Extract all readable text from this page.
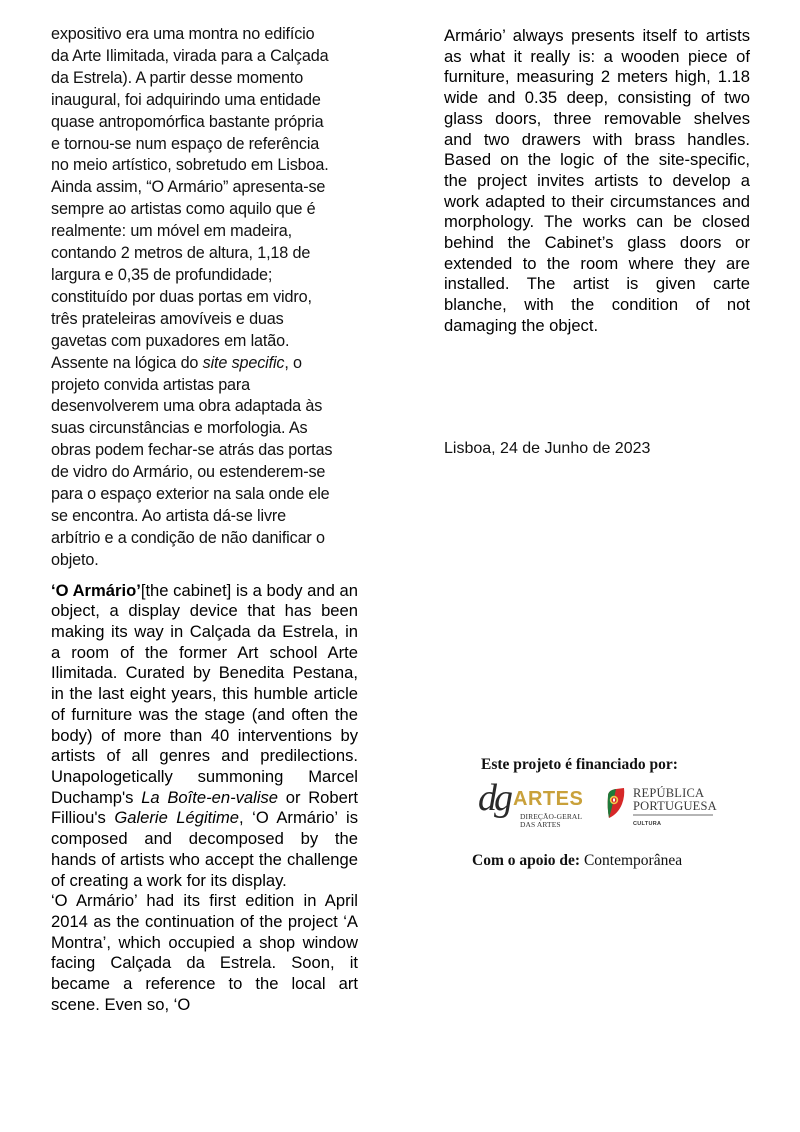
expositivo era uma montra no edifício
da Arte Ilimitada, virada para a Calçada
da Estrela). A partir desse momento
inaugural, foi adquirindo uma entidade
quase antropomórfica bastante própria
e tornou-se num espaço de referência
no meio artístico, sobretudo em Lisboa.
Ainda assim, “O Armário” apresenta-se
sempre ao artistas como aquilo que é
realmente: um móvel em madeira,
contando 2 metros de altura, 1,18 de
largura e 0,35 de profundidade;
constituído por duas portas em vidro,
três prateleiras amovíveis e duas
gavetas com puxadores em latão.
Assente na lógica do site specific, o
projeto convida artistas para
desenvolverem uma obra adaptada às
suas circunstâncias e morfologia. As
obras podem fechar-se atrás das portas
de vidro do Armário, ou estenderem-se
para o espaço exterior na sala onde ele
se encontra. Ao artista dá-se livre
arbítrio e a condição de não danificar o
objeto.

‘O Armário’[the cabinet] is a body and an object, a display device that has been making its way in Calçada da Estrela, in a room of the former Art school Arte Ilimitada. Curated by Benedita Pestana, in the last eight years, this humble article of furniture was the stage (and often the body) of more than 40 interventions by artists of all genres and predilections. Unapologetically summoning Marcel Duchamp's La Boîte-en-valise or Robert Filliou's Galerie Légitime, ‘O Armário’ is composed and decomposed by the hands of artists who accept the challenge of creating a work for its display.

‘O Armário’ had its first edition in April 2014 as the continuation of the project ‘A Montra’, which occupied a shop window facing Calçada da Estrela. Soon, it became a reference to the local art scene. Even so, ‘O

Armário’ always presents itself to artists as what it really is: a wooden piece of furniture, measuring 2 meters high, 1.18 wide and 0.35 deep, consisting of two glass doors, three removable shelves and two drawers with brass handles. Based on the logic of the site-specific, the project invites artists to develop a work adapted to their circumstances and morphology. The works can be closed behind the Cabinet’s glass doors or extended to the room where they are installed. The artist is given carte blanche, with the condition of not damaging the object.

Lisboa, 24 de Junho de 2023
Este projeto é financiado por:
dg ARTES
DIREÇÃO-GERAL
DAS ARTES
REPÚBLICA
PORTUGUESA
CULTURA
Com o apoio de: Contemporânea
